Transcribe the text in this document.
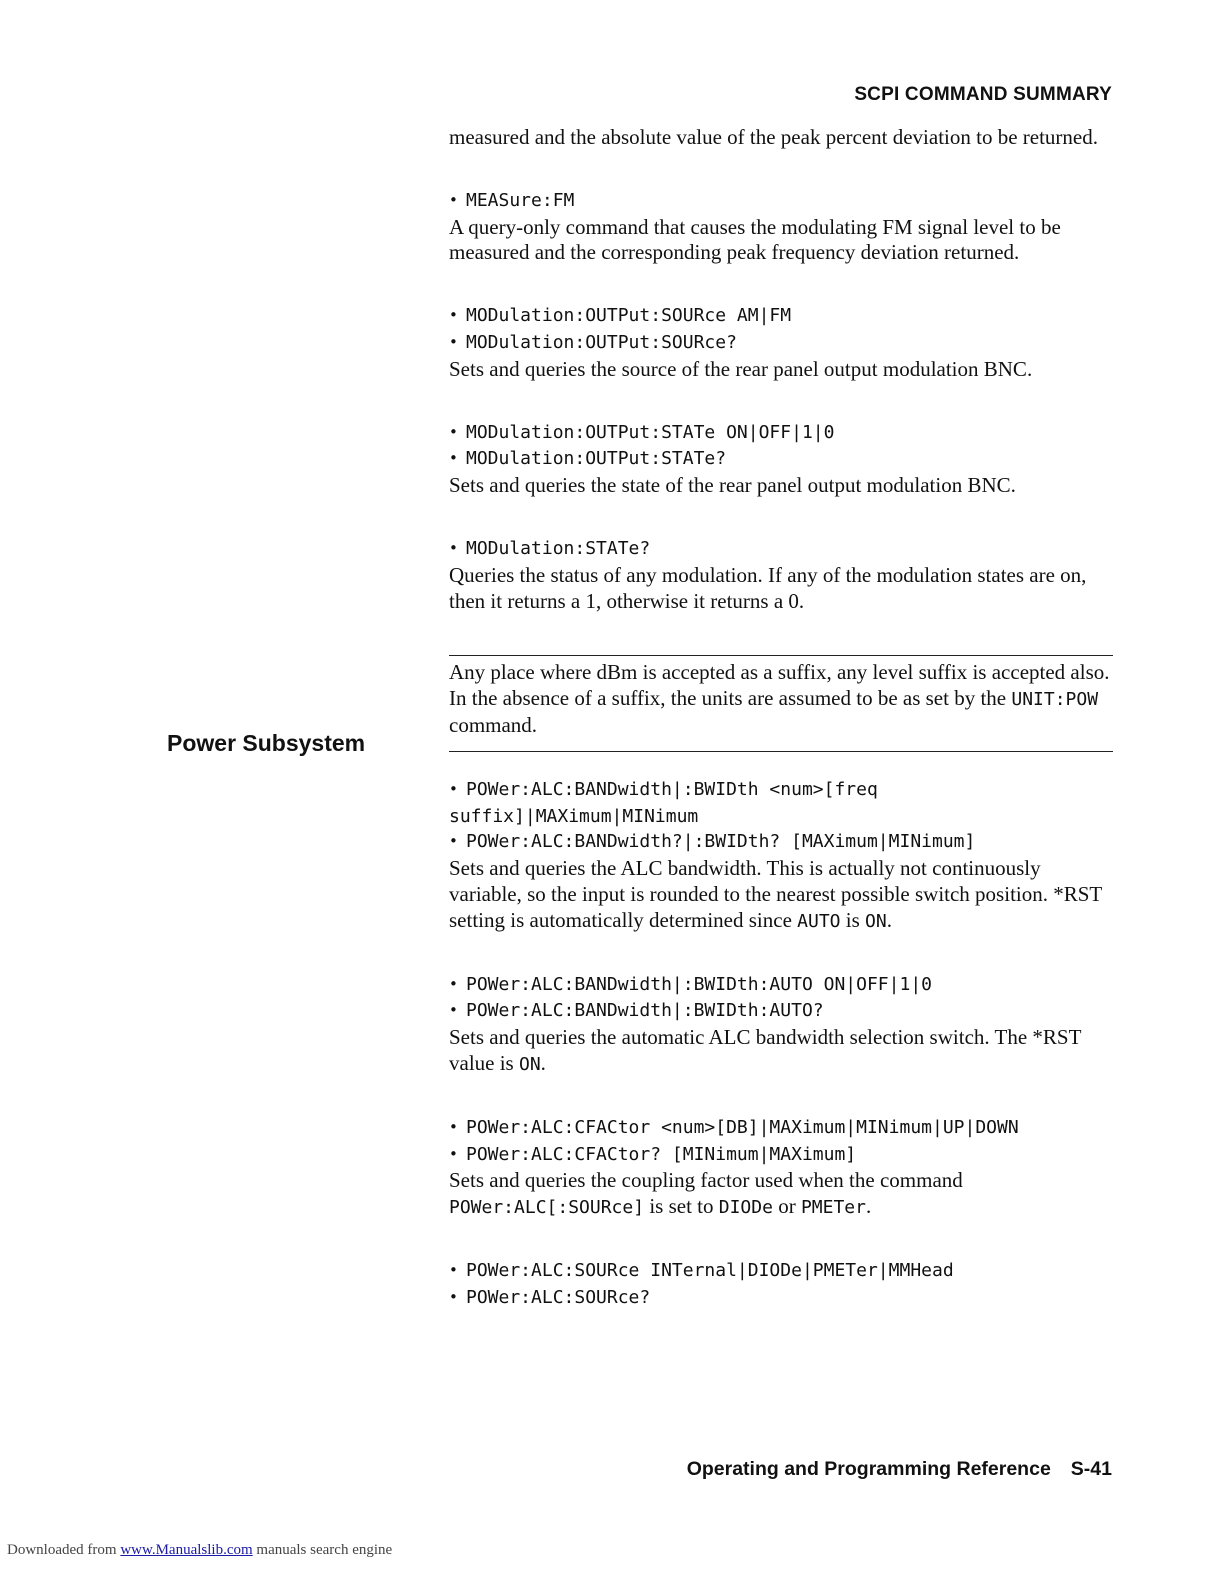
SCPI COMMAND SUMMARY
Power Subsystem

measured and the absolute value of the peak percent deviation to be returned.

• MEASure:FM

A query-only command that causes the modulating FM signal level to be measured and the corresponding peak frequency deviation returned.

• MODulation:OUTPut:SOURce AM|FM

• MODulation:OUTPut:SOURce?

Sets and queries the source of the rear panel output modulation BNC.

• MODulation:OUTPut:STATe ON|OFF|1|0

• MODulation:OUTPut:STATe?

Sets and queries the state of the rear panel output modulation BNC.

• MODulation:STATe?

Queries the status of any modulation. If any of the modulation states are on, then it returns a 1, otherwise it returns a 0.

Any place where dBm is accepted as a suffix, any level suffix is accepted also. In the absence of a suffix, the units are assumed to be as set by the UNIT:POW command.

• POWer:ALC:BANDwidth|:BWIDth <num>[freq

suffix]|MAXimum|MINimum

• POWer:ALC:BANDwidth?|:BWIDth? [MAXimum|MINimum]

Sets and queries the ALC bandwidth. This is actually not continuously variable, so the input is rounded to the nearest possible switch position. *RST setting is automatically determined since AUTO is ON.

• POWer:ALC:BANDwidth|:BWIDth:AUTO ON|OFF|1|0

• POWer:ALC:BANDwidth|:BWIDth:AUTO?

Sets and queries the automatic ALC bandwidth selection switch. The *RST value is ON.

• POWer:ALC:CFACtor <num>[DB]|MAXimum|MINimum|UP|DOWN

• POWer:ALC:CFACtor? [MINimum|MAXimum]

Sets and queries the coupling factor used when the command POWer:ALC[:SOURce] is set to DIODe or PMETer.

• POWer:ALC:SOURce INTernal|DIODe|PMETer|MMHead

• POWer:ALC:SOURce?

Operating and Programming Reference S-41
Downloaded from www.Manualslib.com manuals search engine
